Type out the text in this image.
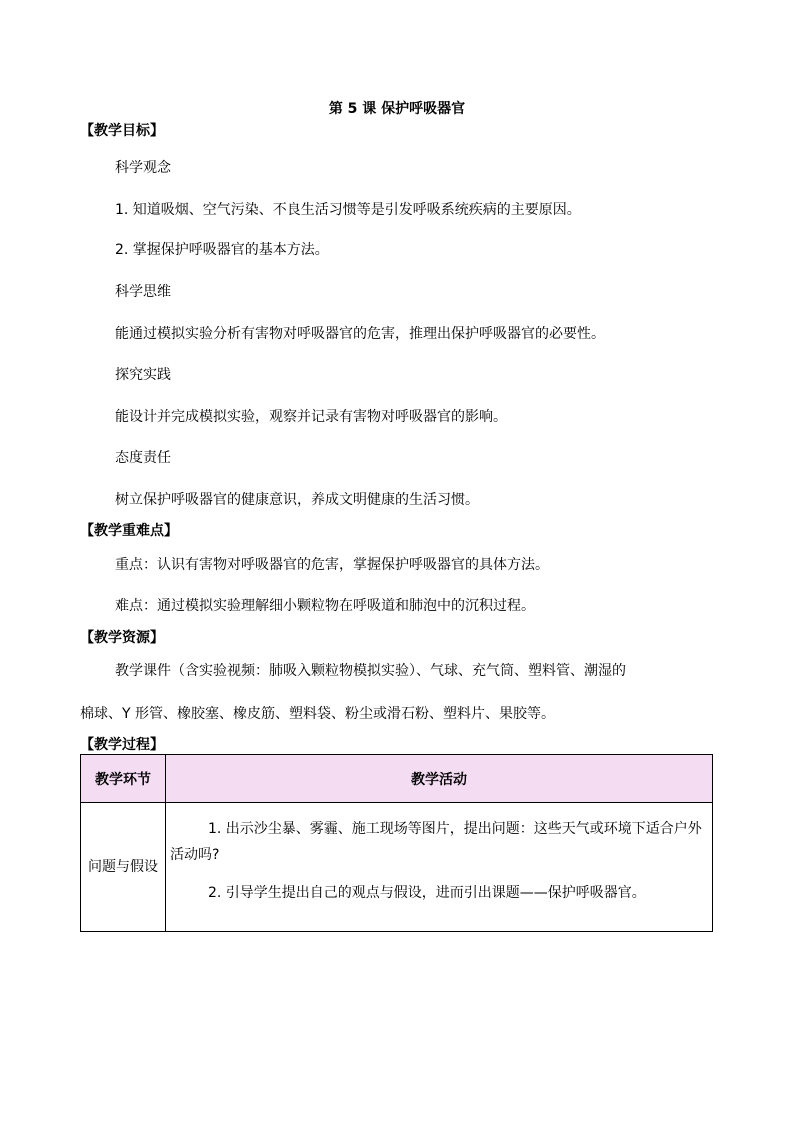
第 5 课 保护呼吸器官
【教学目标】
科学观念
1. 知道吸烟、空气污染、不良生活习惯等是引发呼吸系统疾病的主要原因。
2. 掌握保护呼吸器官的基本方法。
科学思维
能通过模拟实验分析有害物对呼吸器官的危害，推理出保护呼吸器官的必要性。
探究实践
能设计并完成模拟实验，观察并记录有害物对呼吸器官的影响。
态度责任
树立保护呼吸器官的健康意识，养成文明健康的生活习惯。
【教学重难点】
重点：认识有害物对呼吸器官的危害，掌握保护呼吸器官的具体方法。
难点：通过模拟实验理解细小颗粒物在呼吸道和肺泡中的沉积过程。
【教学资源】
教学课件（含实验视频：肺吸入颗粒物模拟实验）、气球、充气筒、塑料管、潮湿的
棉球、Y 形管、橡胶塞、橡皮筋、塑料袋、粉尘或滑石粉、塑料片、果胶等。
【教学过程】
教学环节	教学活动
问题与假设	1. 出示沙尘暴、雾霾、施工现场等图片，提出问题：这些天气或环境下适合户外活动吗?

2. 引导学生提出自己的观点与假设，进而引出课题——保护呼吸器官。
